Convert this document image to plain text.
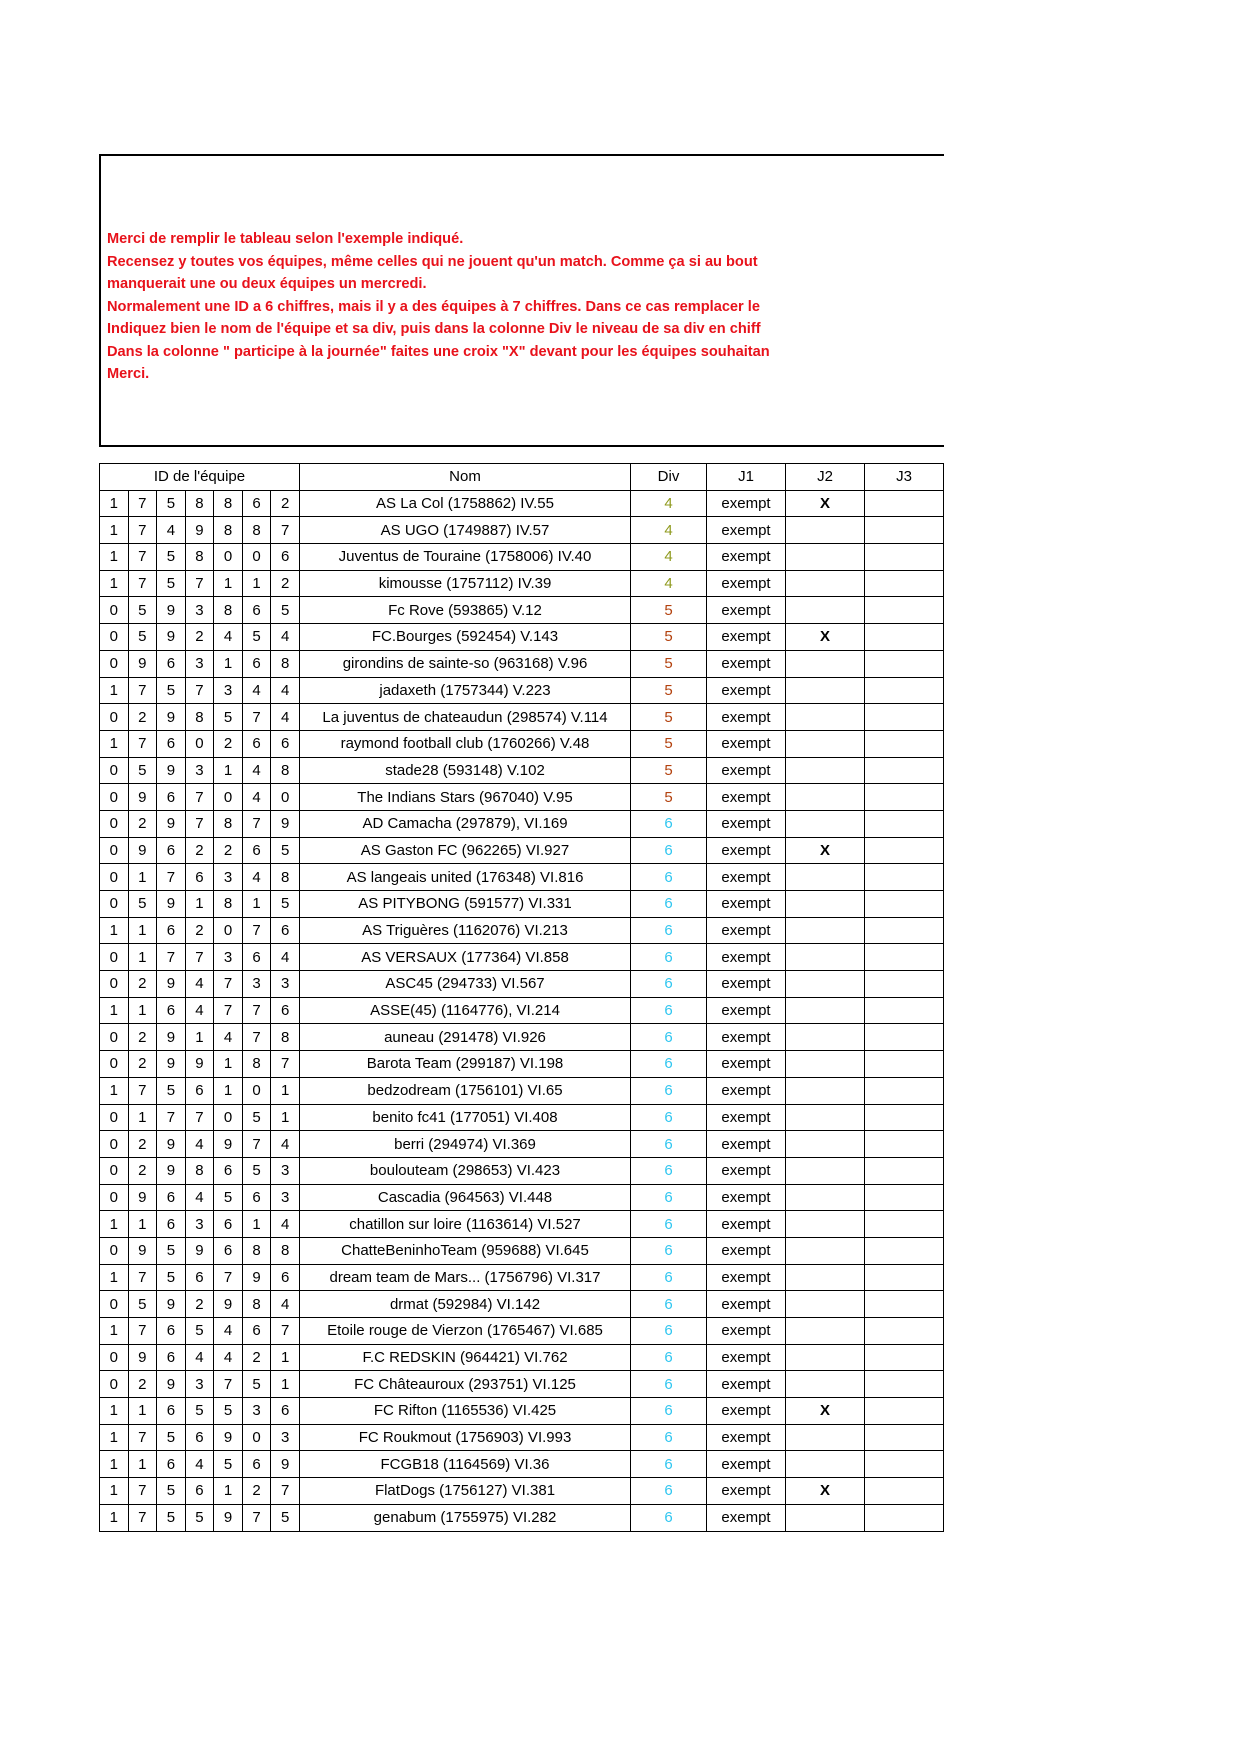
Merci de remplir le tableau selon l'exemple indiqué.
Recensez y toutes vos équipes, même celles qui ne jouent qu'un match. Comme ça si au bout
manquerait une ou deux équipes un mercredi.
Normalement une ID a 6 chiffres, mais il y a des équipes à 7 chiffres. Dans ce cas remplacer le
Indiquez bien le nom de l'équipe et sa div, puis dans la colonne Div le niveau de sa div en chiff
Dans la colonne " participe à la journée" faites une croix "X" devant pour les équipes souhaitan
Merci.
ID de l'équipe							Nom	Div	J1	J2	J3
1	7	5	8	8	6	2	AS La Col (1758862) IV.55	4	exempt	X	
1	7	4	9	8	8	7	AS UGO (1749887) IV.57	4	exempt		
1	7	5	8	0	0	6	Juventus de Touraine (1758006) IV.40	4	exempt		
1	7	5	7	1	1	2	kimousse (1757112) IV.39	4	exempt		
0	5	9	3	8	6	5	Fc Rove (593865) V.12	5	exempt		
0	5	9	2	4	5	4	FC.Bourges (592454) V.143	5	exempt	X	
0	9	6	3	1	6	8	girondins de sainte-so (963168) V.96	5	exempt		
1	7	5	7	3	4	4	jadaxeth (1757344) V.223	5	exempt		
0	2	9	8	5	7	4	La juventus de chateaudun (298574) V.114	5	exempt		
1	7	6	0	2	6	6	raymond football club (1760266) V.48	5	exempt		
0	5	9	3	1	4	8	stade28 (593148) V.102	5	exempt		
0	9	6	7	0	4	0	The Indians Stars (967040) V.95	5	exempt		
0	2	9	7	8	7	9	AD Camacha (297879), VI.169	6	exempt		
0	9	6	2	2	6	5	AS Gaston FC (962265) VI.927	6	exempt	X	
0	1	7	6	3	4	8	AS langeais united (176348) VI.816	6	exempt		
0	5	9	1	8	1	5	AS PITYBONG (591577) VI.331	6	exempt		
1	1	6	2	0	7	6	AS Triguères (1162076) VI.213	6	exempt		
0	1	7	7	3	6	4	AS VERSAUX (177364) VI.858	6	exempt		
0	2	9	4	7	3	3	ASC45 (294733) VI.567	6	exempt		
1	1	6	4	7	7	6	ASSE(45) (1164776), VI.214	6	exempt		
0	2	9	1	4	7	8	auneau (291478) VI.926	6	exempt		
0	2	9	9	1	8	7	Barota Team (299187) VI.198	6	exempt		
1	7	5	6	1	0	1	bedzodream (1756101) VI.65	6	exempt		
0	1	7	7	0	5	1	benito fc41 (177051) VI.408	6	exempt		
0	2	9	4	9	7	4	berri (294974) VI.369	6	exempt		
0	2	9	8	6	5	3	boulouteam (298653) VI.423	6	exempt		
0	9	6	4	5	6	3	Cascadia (964563) VI.448	6	exempt		
1	1	6	3	6	1	4	chatillon sur loire (1163614) VI.527	6	exempt		
0	9	5	9	6	8	8	ChatteBeninhoTeam (959688) VI.645	6	exempt		
1	7	5	6	7	9	6	dream team de Mars... (1756796) VI.317	6	exempt		
0	5	9	2	9	8	4	drmat (592984) VI.142	6	exempt		
1	7	6	5	4	6	7	Etoile rouge de Vierzon (1765467) VI.685	6	exempt		
0	9	6	4	4	2	1	F.C REDSKIN (964421) VI.762	6	exempt		
0	2	9	3	7	5	1	FC Châteauroux (293751) VI.125	6	exempt		
1	1	6	5	5	3	6	FC Rifton (1165536) VI.425	6	exempt	X	
1	7	5	6	9	0	3	FC Roukmout (1756903) VI.993	6	exempt		
1	1	6	4	5	6	9	FCGB18 (1164569) VI.36	6	exempt		
1	7	5	6	1	2	7	FlatDogs (1756127) VI.381	6	exempt	X	
1	7	5	5	9	7	5	genabum (1755975) VI.282	6	exempt		
